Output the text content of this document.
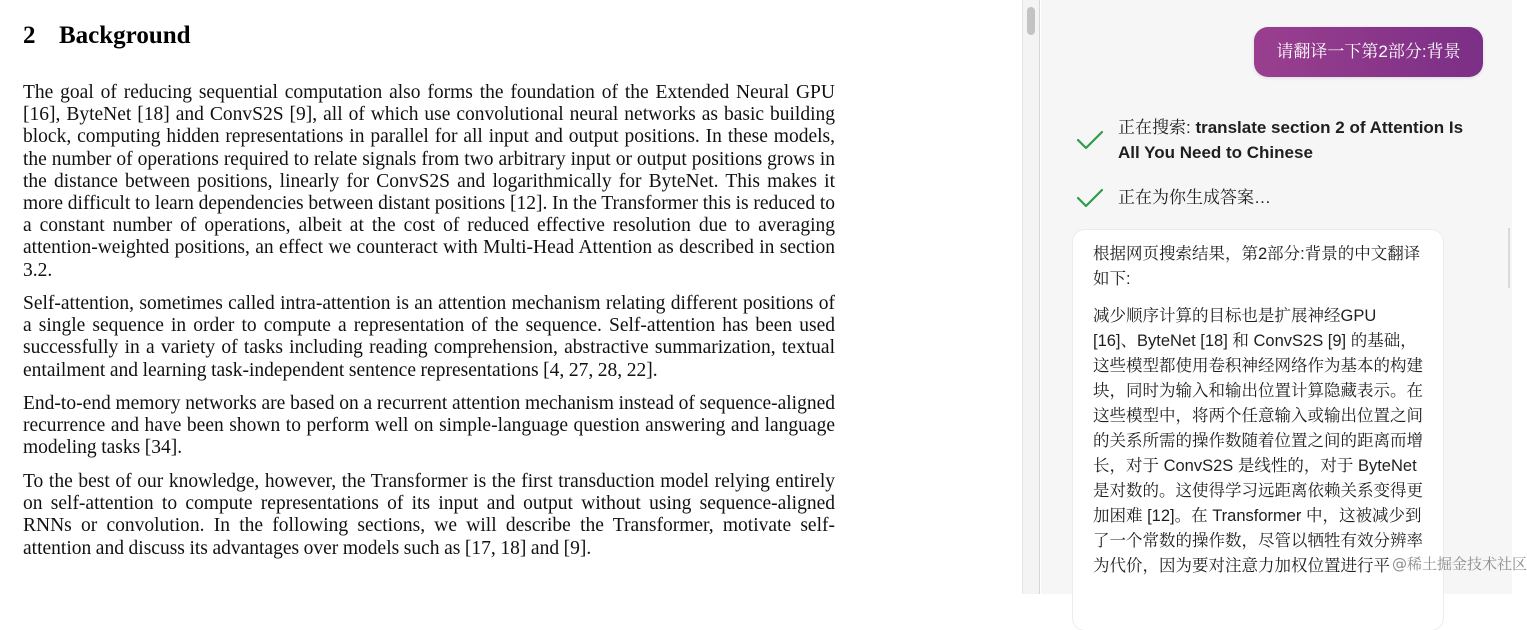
2 Background

The goal of reducing sequential computation also forms the foundation of the Extended Neural GPU [16], ByteNet [18] and ConvS2S [9], all of which use convolutional neural networks as basic building block, computing hidden representations in parallel for all input and output positions. In these models, the number of operations required to relate signals from two arbitrary input or output positions grows in the distance between positions, linearly for ConvS2S and logarithmically for ByteNet. This makes it more difficult to learn dependencies between distant positions [12]. In the Transformer this is reduced to a constant number of operations, albeit at the cost of reduced effective resolution due to averaging attention-weighted positions, an effect we counteract with Multi-Head Attention as described in section 3.2.

Self-attention, sometimes called intra-attention is an attention mechanism relating different positions of a single sequence in order to compute a representation of the sequence. Self-attention has been used successfully in a variety of tasks including reading comprehension, abstractive summarization, textual entailment and learning task-independent sentence representations [4, 27, 28, 22].

End-to-end memory networks are based on a recurrent attention mechanism instead of sequence-aligned recurrence and have been shown to perform well on simple-language question answering and language modeling tasks [34].

To the best of our knowledge, however, the Transformer is the first transduction model relying entirely on self-attention to compute representations of its input and output without using sequence-aligned RNNs or convolution. In the following sections, we will describe the Transformer, motivate self-attention and discuss its advantages over models such as [17, 18] and [9].

请翻译一下第2部分:背景
正在搜索: translate section 2 of Attention Is All You Need to Chinese
正在为你生成答案…

根据网页搜索结果，第2部分:背景的中文翻译如下:

减少顺序计算的目标也是扩展神经GPU [16]、ByteNet [18] 和 ConvS2S [9] 的基础，这些模型都使用卷积神经网络作为基本的构建块，同时为输入和输出位置计算隐藏表示。在这些模型中，将两个任意输入或输出位置之间的关系所需的操作数随着位置之间的距离而增长，对于 ConvS2S 是线性的，对于 ByteNet 是对数的。这使得学习远距离依赖关系变得更加困难 [12]。在 Transformer 中，这被减少到了一个常数的操作数，尽管以牺牲有效分辨率为代价，因为要对注意力加权位置进行平 @稀土掘金技术社区
